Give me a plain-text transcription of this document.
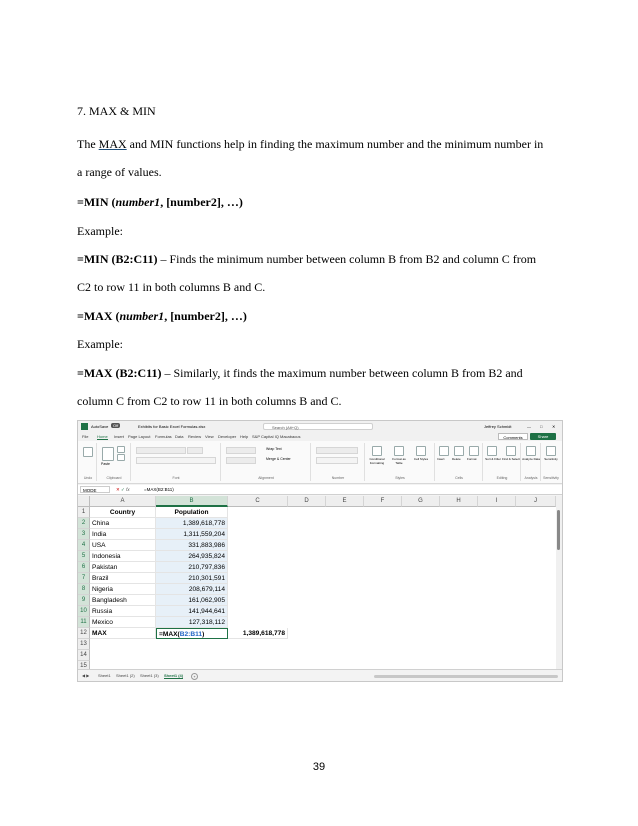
7. MAX & MIN
The MAX and MIN functions help in finding the maximum number and the minimum number in
a range of values.
=MIN (number1, [number2], …)
Example:
=MIN (B2:C11) – Finds the minimum number between column B from B2 and column C from
C2 to row 11 in both columns B and C.
=MAX (number1, [number2], …)
Example:
=MAX (B2:C11) – Similarly, it finds the maximum number between column B from B2 and
column C from C2 to row 11 in both columns B and C.
AutoSave	Off	Exhibits for Basic Excel Formulas.xlsx	Search (Alt+Q)	Jeffrey Schmidt	— □ ✕
File Home Insert Page Layout Formulas Data Review View Developer Help S&P Capital IQ Macabacus	Comments	Share
Undo
Paste
Clipboard	Font
Wrap Text
Merge & Center
Alignment	Number
Conditional Formatting
Format as Table
Cell Styles
Styles
Insert Delete Format
Cells
Sort & Filter Find & Select
Editing
Analyze Data
Analysis
Sensitivity
Sensitivity
MODE	✕ ✓ fx	=MAX(B2:B11)
A	B	C	D	E	F	G	H	I	J
1
2
3
4
5
6
7
8
9
10
11
12
13
14
15
Country	Population
China	1,389,618,778
India	1,311,559,204
USA	331,883,986
Indonesia	264,935,824
Pakistan	210,797,836
Brazil	210,301,591
Nigeria	208,679,114
Bangladesh	161,062,905
Russia	141,944,641
Mexico	127,318,112
MAX	=MAX(B2:B11)	1,389,618,778
◀ ▶ Sheet1 Sheet1 (2) Sheet1 (3) Sheet1 (4)	+
39
